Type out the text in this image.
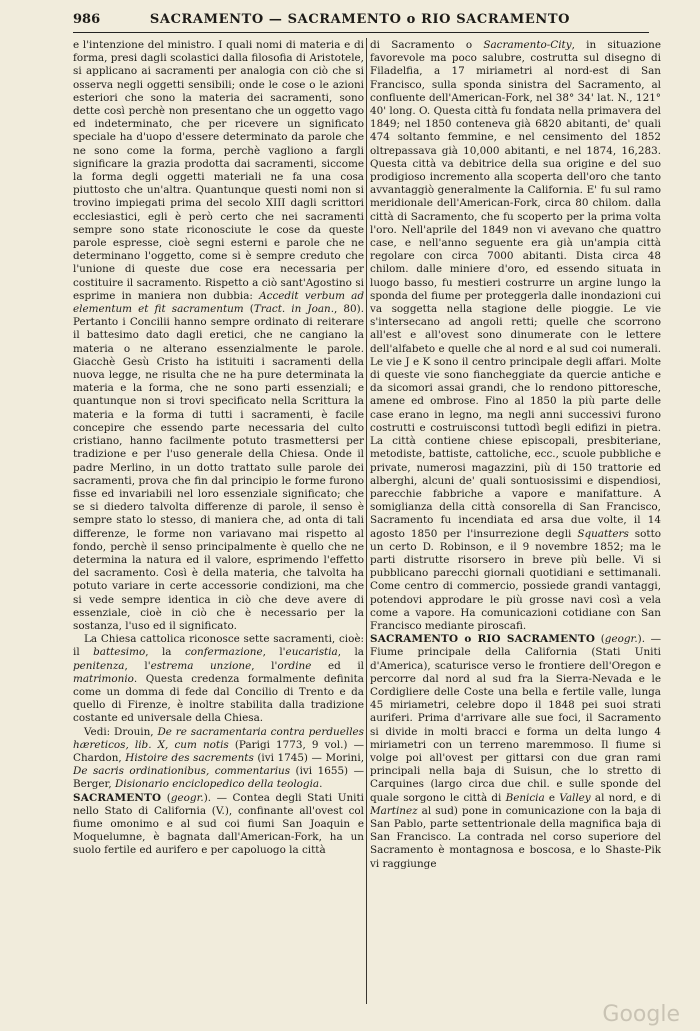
986	SACRAMENTO — SACRAMENTO o RIO SACRAMENTO

e l'intenzione del ministro. I quali nomi di materia e di forma, presi dagli scolastici dalla filosofia di Aristotele, si applicano ai sacramenti per analogia con ciò che si osserva negli oggetti sensibili; onde le cose o le azioni esteriori che sono la materia dei sacramenti, sono dette così perchè non presentano che un oggetto vago ed indeterminato, che per ricevere un significato speciale ha d'uopo d'essere determinato da parole che ne sono come la forma, perchè vagliono a fargli significare la grazia prodotta dai sacramenti, siccome la forma degli oggetti materiali ne fa una cosa piuttosto che un'altra. Quantunque questi nomi non si trovino impiegati prima del secolo XIII dagli scrittori ecclesiastici, egli è però certo che nei sacramenti sempre sono state riconosciute le cose da queste parole espresse, cioè segni esterni e parole che ne determinano l'oggetto, come si è sempre creduto che l'unione di queste due cose era necessaria per costituire il sacramento. Rispetto a ciò sant'Agostino si esprime in maniera non dubbia: Accedit verbum ad elementum et fit sacramentum (Tract. in Joan., 80). Pertanto i Concilii hanno sempre ordinato di reiterare il battesimo dato dagli eretici, che ne cangiano la materia o ne alterano essenzialmente le parole. Giacchè Gesù Cristo ha istituiti i sacramenti della nuova legge, ne risulta che ne ha pure determinata la materia e la forma, che ne sono parti essenziali; e quantunque non si trovi specificato nella Scrittura la materia e la forma di tutti i sacramenti, è facile concepire che essendo parte necessaria del culto cristiano, hanno facilmente potuto trasmettersi per tradizione e per l'uso generale della Chiesa. Onde il padre Merlino, in un dotto trattato sulle parole dei sacramenti, prova che fin dal principio le forme furono fisse ed invariabili nel loro essenziale significato; che se si diedero talvolta differenze di parole, il senso è sempre stato lo stesso, di maniera che, ad onta di tali differenze, le forme non variavano mai rispetto al fondo, perchè il senso principalmente è quello che ne determina la natura ed il valore, esprimendo l'effetto del sacramento. Così è della materia, che talvolta ha potuto variare in certe accessorie condizioni, ma che si vede sempre identica in ciò che deve avere di essenziale, cioè in ciò che è necessario per la sostanza, l'uso ed il significato.

La Chiesa cattolica riconosce sette sacramenti, cioè: il battesimo, la confermazione, l'eucaristia, la penitenza, l'estrema unzione, l'ordine ed il matrimonio. Questa credenza formalmente definita come un domma di fede dal Concilio di Trento e da quello di Firenze, è inoltre stabilita dalla tradizione costante ed universale della Chiesa.

Vedi: Drouin, De re sacramentaria contra perduelles hæreticos, lib. X, cum notis (Parigi 1773, 9 vol.) — Chardon, Histoire des sacrements (ivi 1745) — Morini, De sacris ordinationibus, commentarius (ivi 1655) — Berger, Disionario enciclopedico della teologia.

SACRAMENTO (geogr.). — Contea degli Stati Uniti nello Stato di California (V.), confinante all'ovest col fiume omonimo e al sud coi fiumi San Joaquin e Moquelumne, è bagnata dall'American-Fork, ha un suolo fertile ed aurifero e per capoluogo la città

di Sacramento o Sacramento-City, in situazione favorevole ma poco salubre, costrutta sul disegno di Filadelfia, a 17 miriametri al nord-est di San Francisco, sulla sponda sinistra del Sacramento, al confluente dell'American-Fork, nel 38° 34' lat. N., 121° 40' long. O. Questa città fu fondata nella primavera del 1849; nel 1850 conteneva già 6820 abitanti, de' quali 474 soltanto femmine, e nel censimento del 1852 oltrepassava già 10,000 abitanti, e nel 1874, 16,283. Questa città va debitrice della sua origine e del suo prodigioso incremento alla scoperta dell'oro che tanto avvantaggiò generalmente la California. E' fu sul ramo meridionale dell'American-Fork, circa 80 chilom. dalla città di Sacramento, che fu scoperto per la prima volta l'oro. Nell'aprile del 1849 non vi avevano che quattro case, e nell'anno seguente era già un'ampia città regolare con circa 7000 abitanti. Dista circa 48 chilom. dalle miniere d'oro, ed essendo situata in luogo basso, fu mestieri costrurre un argine lungo la sponda del fiume per proteggerla dalle inondazioni cui va soggetta nella stagione delle pioggie. Le vie s'intersecano ad angoli retti; quelle che scorrono all'est e all'ovest sono dinumerate con le lettere dell'alfabeto e quelle che al nord e al sud coi numerali. Le vie J e K sono il centro principale degli affari. Molte di queste vie sono fiancheggiate da quercie antiche e da sicomori assai grandi, che lo rendono pittoresche, amene ed ombrose. Fino al 1850 la più parte delle case erano in legno, ma negli anni successivi furono costrutti e costruisconsi tuttodì begli edifizi in pietra. La città contiene chiese episcopali, presbiteriane, metodiste, battiste, cattoliche, ecc., scuole pubbliche e private, numerosi magazzini, più di 150 trattorie ed alberghi, alcuni de' quali sontuosissimi e dispendiosi, parecchie fabbriche a vapore e manifatture. A somiglianza della città consorella di San Francisco, Sacramento fu incendiata ed arsa due volte, il 14 agosto 1850 per l'insurrezione degli Squatters sotto un certo D. Robinson, e il 9 novembre 1852; ma le parti distrutte risorsero in breve più belle. Vi si pubblicano parecchi giornali quotidiani e settimanali. Come centro di commercio, possiede grandi vantaggi, potendovi approdare le più grosse navi così a vela come a vapore. Ha comunicazioni cotidiane con San Francisco mediante piroscafi.

SACRAMENTO o RIO SACRAMENTO (geogr.). — Fiume principale della California (Stati Uniti d'America), scaturisce verso le frontiere dell'Oregon e percorre dal nord al sud fra la Sierra-Nevada e le Cordigliere delle Coste una bella e fertile valle, lunga 45 miriametri, celebre dopo il 1848 pei suoi strati auriferi. Prima d'arrivare alle sue foci, il Sacramento si divide in molti bracci e forma un delta lungo 4 miriametri con un terreno maremmoso. Il fiume si volge poi all'ovest per gittarsi con due gran rami principali nella baja di Suisun, che lo stretto di Carquines (largo circa due chil. e sulle sponde del quale sorgono le città di Benicia e Valley al nord, e di Martinez al sud) pone in comunicazione con la baja di San Pablo, parte settentrionale della magnifica baja di San Francisco. La contrada nel corso superiore del Sacramento è montagnosa e boscosa, e lo Shaste-Pik vi raggiunge

Google
